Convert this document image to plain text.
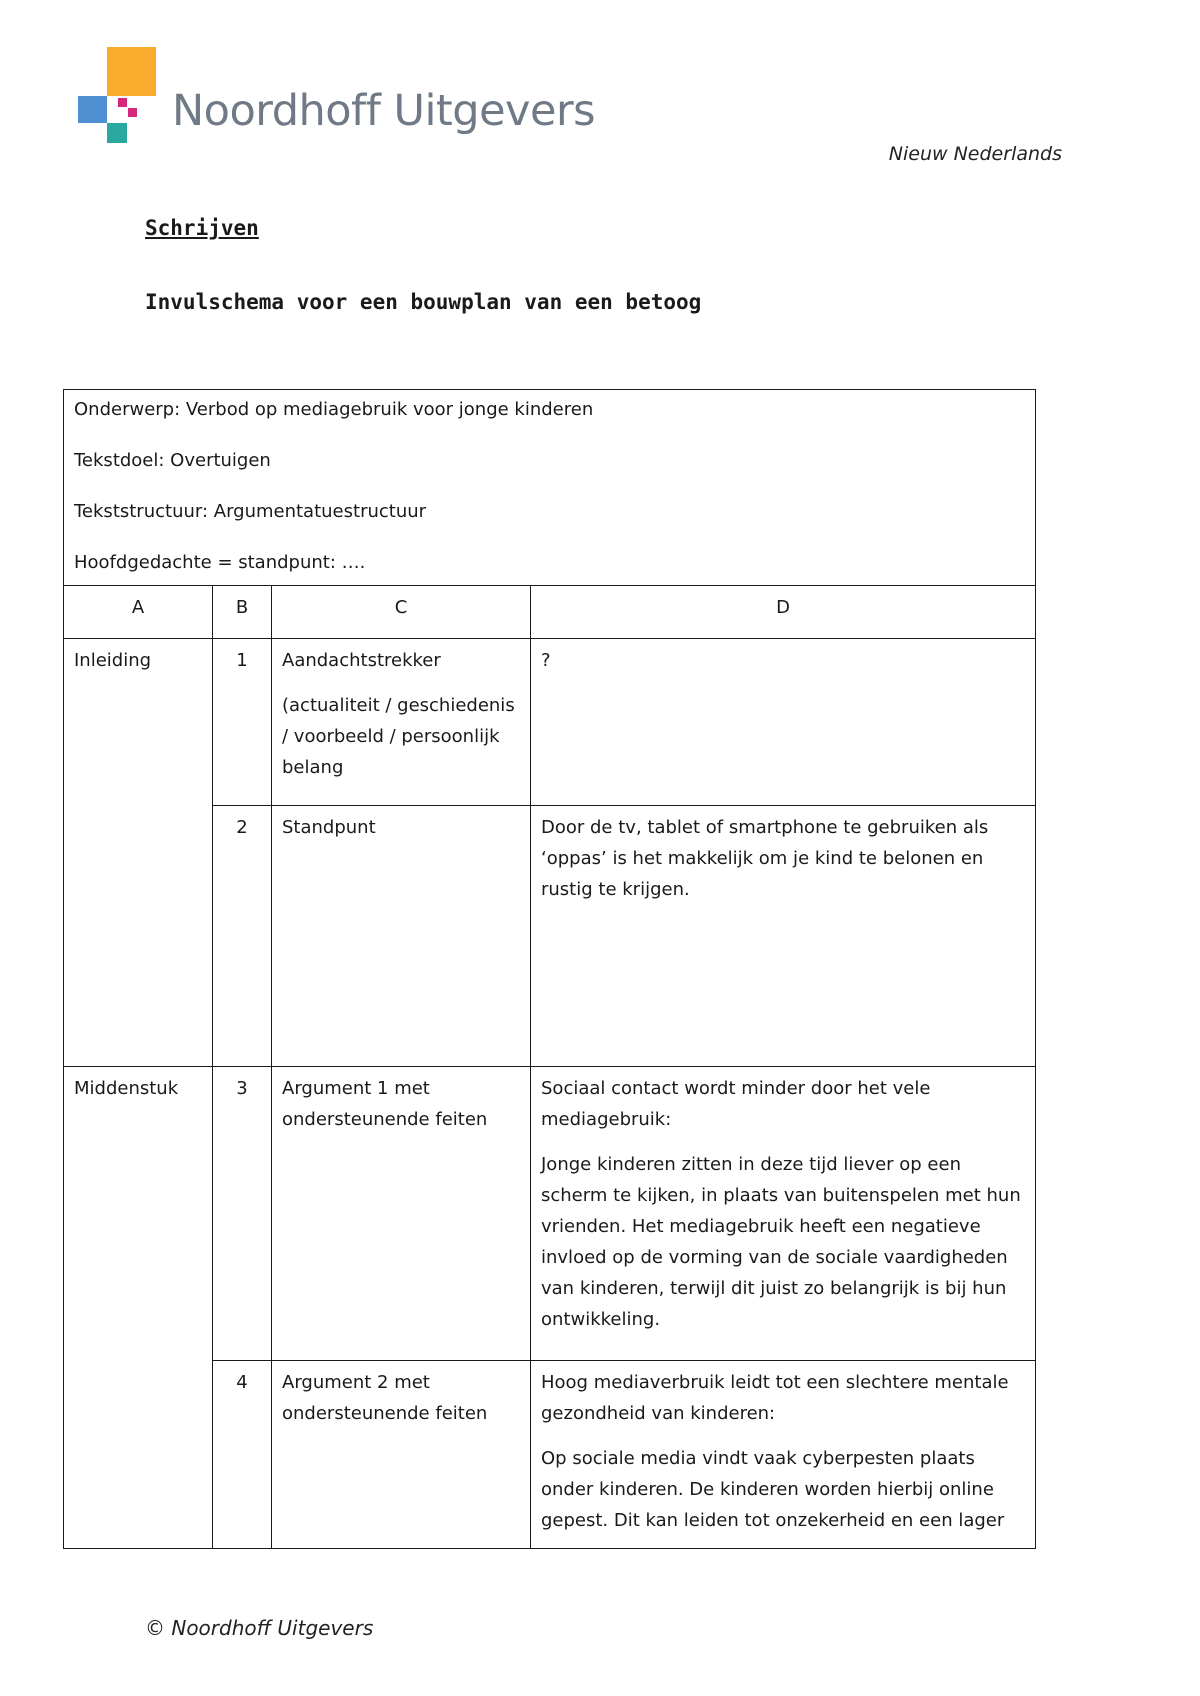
Noordhoff Uitgevers
Nieuw Nederlands
Schrijven
Invulschema voor een bouwplan van een betoog

Onderwerp: Verbod op mediagebruik voor jonge kinderen

Tekstdoel: Overtuigen

Tekststructuur: Argumentatuestructuur

Hoofdgedachte = standpunt: ….			

A	B	C	D
Inleiding	1	Aandachtstrekker

(actualiteit / geschiedenis / voorbeeld / persoonlijk belang	?

	2	Standpunt	Door de tv, tablet of smartphone te gebruiken als ‘oppas’ is het makkelijk om je kind te belonen en rustig te krijgen.

Middenstuk	3	Argument 1 met ondersteunende feiten	Sociaal contact wordt minder door het vele mediagebruik:

Jonge kinderen zitten in deze tijd liever op een scherm te kijken, in plaats van buitenspelen met hun vrienden. Het mediagebruik heeft een negatieve invloed op de vorming van de sociale vaardigheden van kinderen, terwijl dit juist zo belangrijk is bij hun ontwikkeling.

	4	Argument 2 met ondersteunende feiten	Hoog mediaverbruik leidt tot een slechtere mentale gezondheid van kinderen:

Op sociale media vindt vaak cyberpesten plaats onder kinderen. De kinderen worden hierbij online gepest. Dit kan leiden tot onzekerheid en een lager

© Noordhoff Uitgevers
